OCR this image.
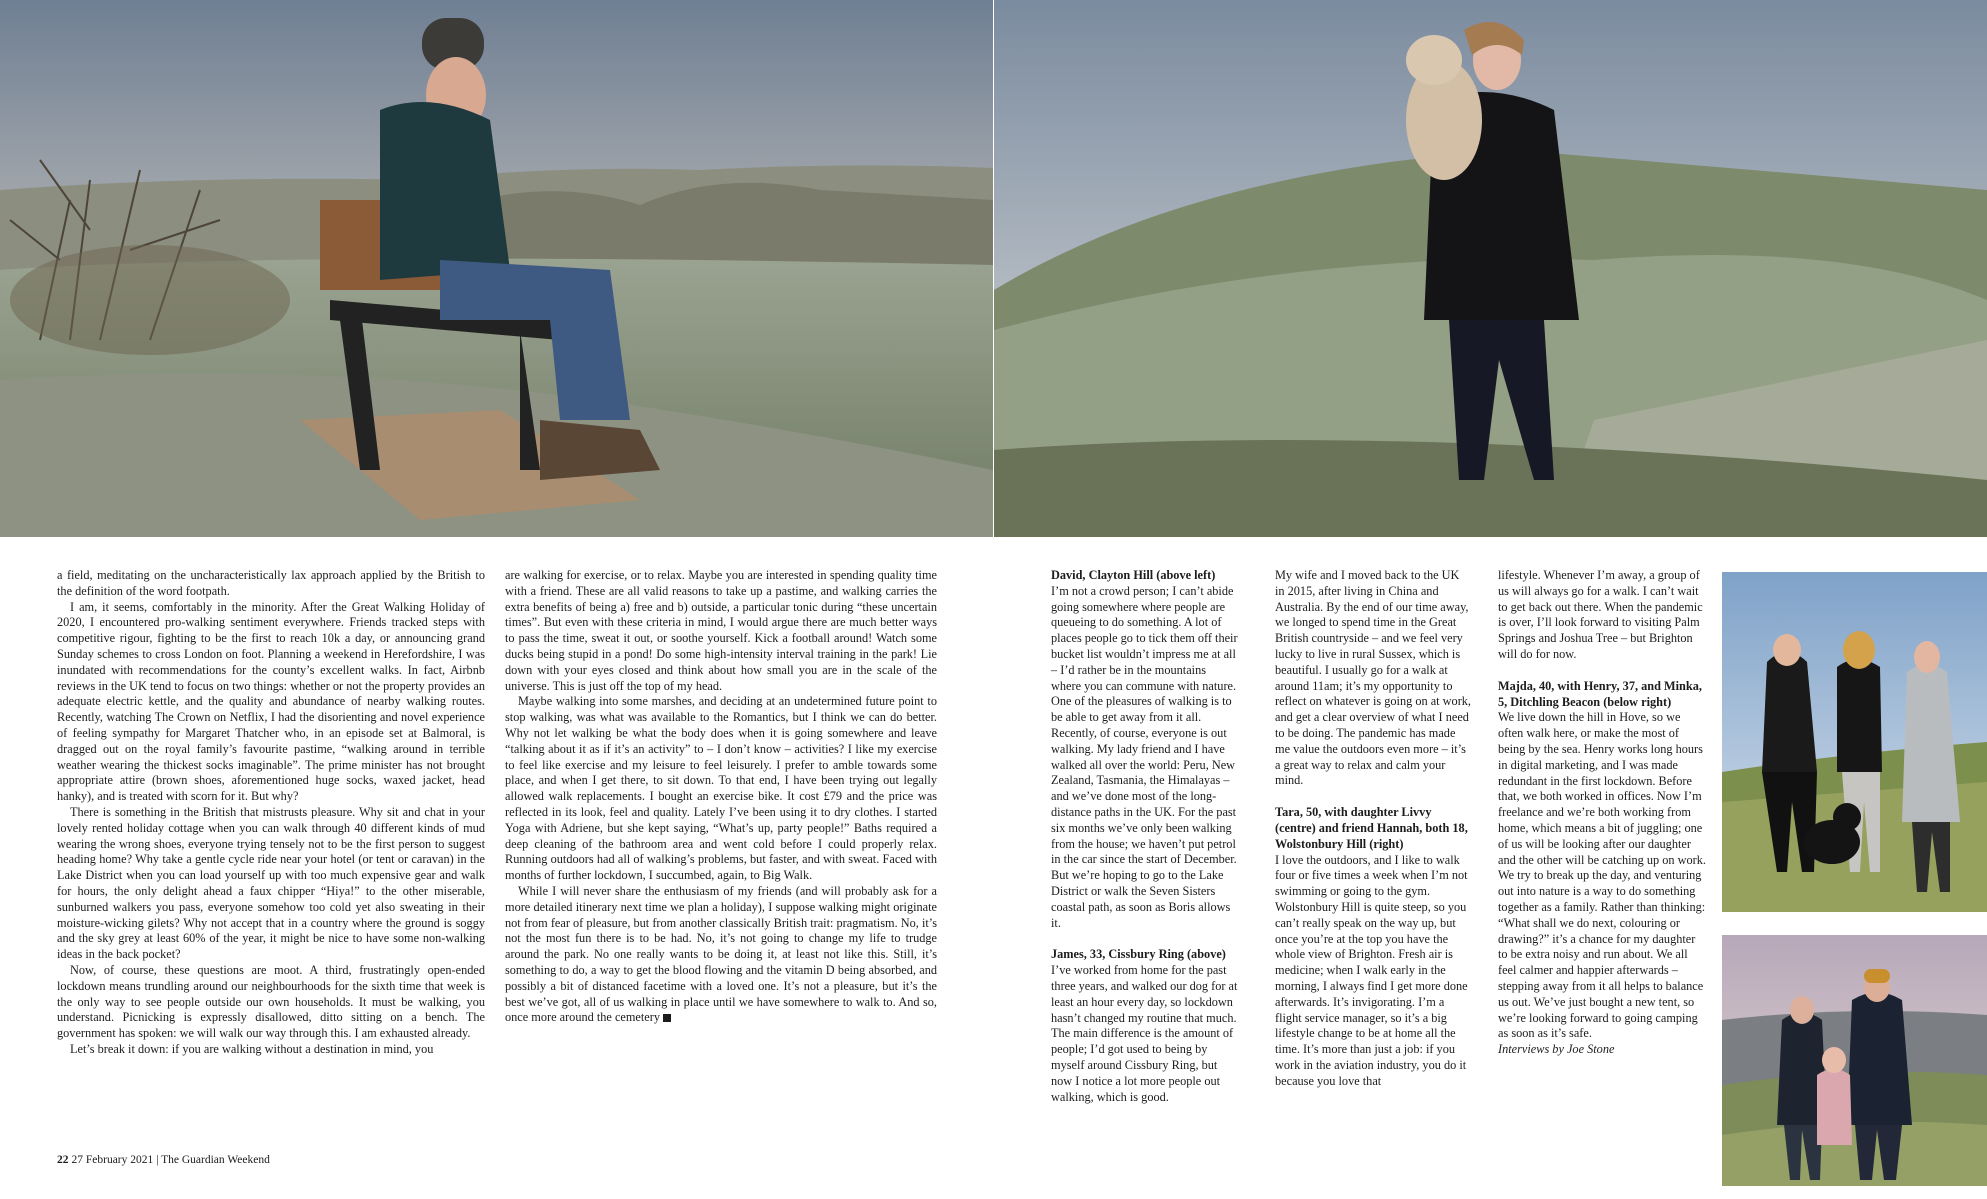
a field, meditating on the uncharacteristically lax approach applied by the British to the definition of the word footpath.

I am, it seems, comfortably in the minority. After the Great Walking Holiday of 2020, I encountered pro-walking sentiment everywhere. Friends tracked steps with competitive rigour, fighting to be the first to reach 10k a day, or announcing grand Sunday schemes to cross London on foot. Planning a weekend in Herefordshire, I was inundated with recommendations for the county’s excellent walks. In fact, Airbnb reviews in the UK tend to focus on two things: whether or not the property provides an adequate electric kettle, and the quality and abundance of nearby walking routes. Recently, watching The Crown on Netflix, I had the disorienting and novel experience of feeling sympathy for Margaret Thatcher who, in an episode set at Balmoral, is dragged out on the royal family’s favourite pastime, “walking around in terrible weather wearing the thickest socks imaginable”. The prime minister has not brought appropriate attire (brown shoes, aforementioned huge socks, waxed jacket, head hanky), and is treated with scorn for it. But why?

There is something in the British that mistrusts pleasure. Why sit and chat in your lovely rented holiday cottage when you can walk through 40 different kinds of mud wearing the wrong shoes, everyone trying tensely not to be the first person to suggest heading home? Why take a gentle cycle ride near your hotel (or tent or caravan) in the Lake District when you can load yourself up with too much expensive gear and walk for hours, the only delight ahead a faux chipper “Hiya!” to the other miserable, sunburned walkers you pass, everyone somehow too cold yet also sweating in their moisture-wicking gilets? Why not accept that in a country where the ground is soggy and the sky grey at least 60% of the year, it might be nice to have some non-walking ideas in the back pocket?

Now, of course, these questions are moot. A third, frustratingly open-ended lockdown means trundling around our neighbourhoods for the sixth time that week is the only way to see people outside our own households. It must be walking, you understand. Picnicking is expressly disallowed, ditto sitting on a bench. The government has spoken: we will walk our way through this. I am exhausted already.

Let’s break it down: if you are walking without a destination in mind, you

are walking for exercise, or to relax. Maybe you are interested in spending quality time with a friend. These are all valid reasons to take up a pastime, and walking carries the extra benefits of being a) free and b) outside, a particular tonic during “these uncertain times”. But even with these criteria in mind, I would argue there are much better ways to pass the time, sweat it out, or soothe yourself. Kick a football around! Watch some ducks being stupid in a pond! Do some high-intensity interval training in the park! Lie down with your eyes closed and think about how small you are in the scale of the universe. This is just off the top of my head.

Maybe walking into some marshes, and deciding at an undetermined future point to stop walking, was what was available to the Romantics, but I think we can do better. Why not let walking be what the body does when it is going somewhere and leave “talking about it as if it’s an activity” to – I don’t know – activities? I like my exercise to feel like exercise and my leisure to feel leisurely. I prefer to amble towards some place, and when I get there, to sit down. To that end, I have been trying out legally allowed walk replacements. I bought an exercise bike. It cost £79 and the price was reflected in its look, feel and quality. Lately I’ve been using it to dry clothes. I started Yoga with Adriene, but she kept saying, “What’s up, party people!” Baths required a deep cleaning of the bathroom area and went cold before I could properly relax. Running outdoors had all of walking’s problems, but faster, and with sweat. Faced with months of further lockdown, I succumbed, again, to Big Walk.

While I will never share the enthusiasm of my friends (and will probably ask for a more detailed itinerary next time we plan a holiday), I suppose walking might originate not from fear of pleasure, but from another classically British trait: pragmatism. No, it’s not the most fun there is to be had. No, it’s not going to change my life to trudge around the park. No one really wants to be doing it, at least not like this. Still, it’s something to do, a way to get the blood flowing and the vitamin D being absorbed, and possibly a bit of distanced facetime with a loved one. It’s not a pleasure, but it’s the best we’ve got, all of us walking in place until we have somewhere to walk to. And so, once more around the cemetery

David, Clayton Hill (above left)
I’m not a crowd person; I can’t abide going somewhere where people are queueing to do something. A lot of places people go to tick them off their bucket list wouldn’t impress me at all – I’d rather be in the mountains where you can commune with nature. One of the pleasures of walking is to be able to get away from it all. Recently, of course, everyone is out walking. My lady friend and I have walked all over the world: Peru, New Zealand, Tasmania, the Himalayas – and we’ve done most of the long-distance paths in the UK. For the past six months we’ve only been walking from the house; we haven’t put petrol in the car since the start of December. But we’re hoping to go to the Lake District or walk the Seven Sisters coastal path, as soon as Boris allows it.

James, 33, Cissbury Ring (above)
I’ve worked from home for the past three years, and walked our dog for at least an hour every day, so lockdown hasn’t changed my routine that much. The main difference is the amount of people; I’d got used to being by myself around Cissbury Ring, but now I notice a lot more people out walking, which is good.

My wife and I moved back to the UK in 2015, after living in China and Australia. By the end of our time away, we longed to spend time in the Great British countryside – and we feel very lucky to live in rural Sussex, which is beautiful. I usually go for a walk at around 11am; it’s my opportunity to reflect on whatever is going on at work, and get a clear overview of what I need to be doing. The pandemic has made me value the outdoors even more – it’s a great way to relax and calm your mind.

Tara, 50, with daughter Livvy (centre) and friend Hannah, both 18, Wolstonbury Hill (right)
I love the outdoors, and I like to walk four or five times a week when I’m not swimming or going to the gym. Wolstonbury Hill is quite steep, so you can’t really speak on the way up, but once you’re at the top you have the whole view of Brighton. Fresh air is medicine; when I walk early in the morning, I always find I get more done afterwards. It’s invigorating. I’m a flight service manager, so it’s a big lifestyle change to be at home all the time. It’s more than just a job: if you work in the aviation industry, you do it because you love that

lifestyle. Whenever I’m away, a group of us will always go for a walk. I can’t wait to get back out there. When the pandemic is over, I’ll look forward to visiting Palm Springs and Joshua Tree – but Brighton will do for now.

Majda, 40, with Henry, 37, and Minka, 5, Ditchling Beacon (below right)
We live down the hill in Hove, so we often walk here, or make the most of being by the sea. Henry works long hours in digital marketing, and I was made redundant in the first lockdown. Before that, we both worked in offices. Now I’m freelance and we’re both working from home, which means a bit of juggling; one of us will be looking after our daughter and the other will be catching up on work. We try to break up the day, and venturing out into nature is a way to do something together as a family. Rather than thinking: “What shall we do next, colouring or drawing?” it’s a chance for my daughter to be extra noisy and run about. We all feel calmer and happier afterwards – stepping away from it all helps to balance us out. We’ve just bought a new tent, so we’re looking forward to going camping as soon as it’s safe.

Interviews by Joe Stone

22 27 February 2021 | The Guardian Weekend
